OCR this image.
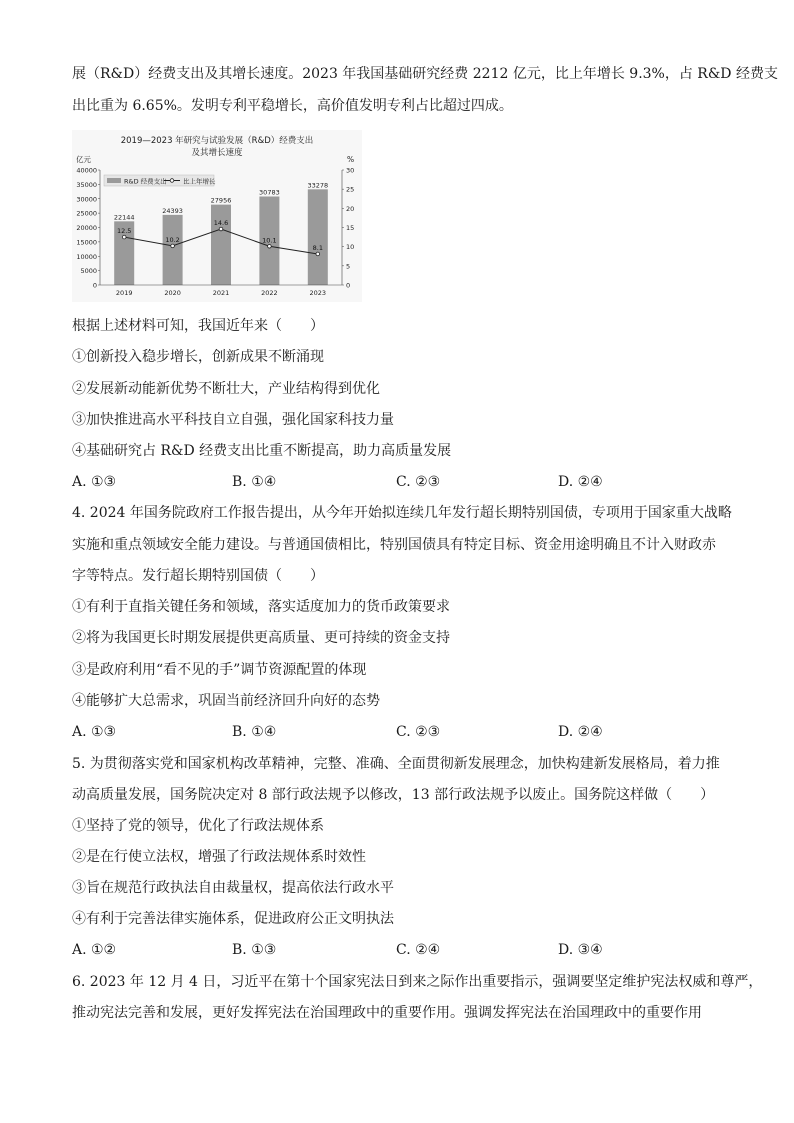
展（R&D）经费支出及其增长速度。2023 年我国基础研究经费 2212 亿元，比上年增长 9.3%，占 R&D 经费支
出比重为 6.65%。发明专利平稳增长，高价值发明专利占比超过四成。
2019—2023 年研究与试验发展（R&D）经费支出
及其增长速度
亿元	%
22144
2019
24393
2020
27956
2021
30783
2022
33278
2023
12.5
10.2
14.6
10.1
8.1
40000
35000
30000
25000
20000
15000
10000
5000
0
30
25
20
15
10
5
0
R&D 经费支出	比上年增长
根据上述材料可知，我国近年来（　　）
①创新投入稳步增长，创新成果不断涌现
②发展新动能新优势不断壮大，产业结构得到优化
③加快推进高水平科技自立自强，强化国家科技力量
④基础研究占 R&D 经费支出比重不断提高，助力高质量发展
A. ①③	B. ①④	C. ②③	D. ②④
4. 2024 年国务院政府工作报告提出，从今年开始拟连续几年发行超长期特别国债，专项用于国家重大战略
实施和重点领域安全能力建设。与普通国债相比，特别国债具有特定目标、资金用途明确且不计入财政赤
字等特点。发行超长期特别国债（　　）
①有利于直指关键任务和领域，落实适度加力的货币政策要求
②将为我国更长时期发展提供更高质量、更可持续的资金支持
③是政府利用“看不见的手”调节资源配置的体现
④能够扩大总需求，巩固当前经济回升向好的态势
A. ①③	B. ①④	C. ②③	D. ②④
5. 为贯彻落实党和国家机构改革精神，完整、准确、全面贯彻新发展理念，加快构建新发展格局，着力推
动高质量发展，国务院决定对 8 部行政法规予以修改，13 部行政法规予以废止。国务院这样做（　　）
①坚持了党的领导，优化了行政法规体系
②是在行使立法权，增强了行政法规体系时效性
③旨在规范行政执法自由裁量权，提高依法行政水平
④有利于完善法律实施体系，促进政府公正文明执法
A. ①②	B. ①③	C. ②④	D. ③④
6. 2023 年 12 月 4 日，习近平在第十个国家宪法日到来之际作出重要指示，强调要坚定维护宪法权威和尊严，
推动宪法完善和发展，更好发挥宪法在治国理政中的重要作用。强调发挥宪法在治国理政中的重要作用
